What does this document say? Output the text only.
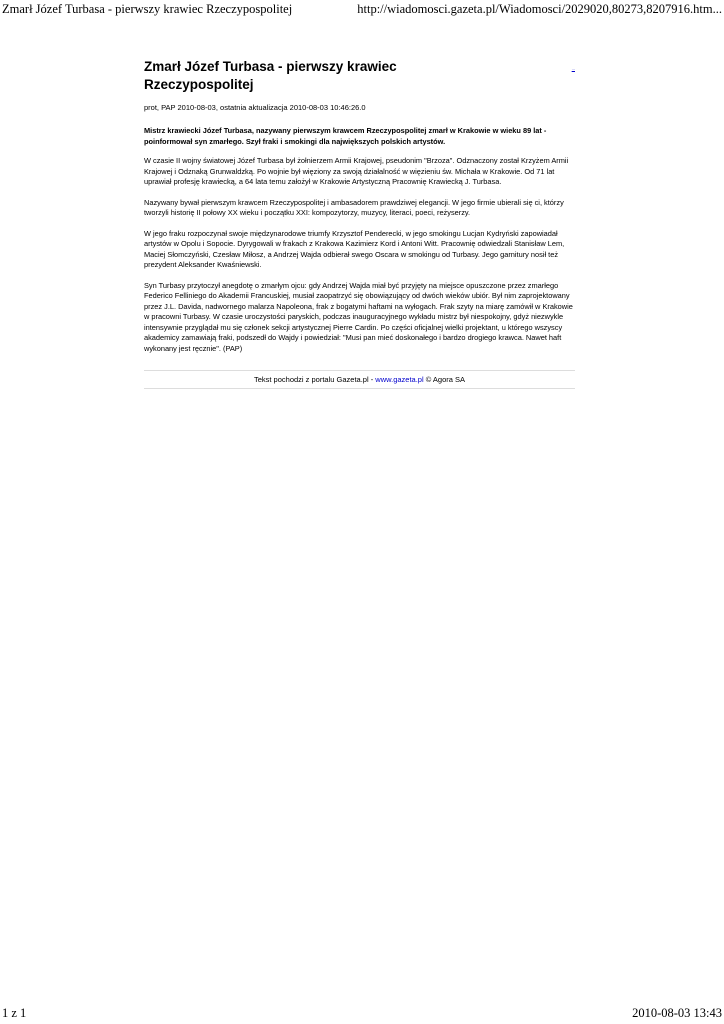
Zmarł Józef Turbasa - pierwszy krawiec Rzeczypospolitej	http://wiadomosci.gazeta.pl/Wiadomosci/2029020,80273,8207916.htm...
Zmarł Józef Turbasa - pierwszy krawiec Rzeczypospolitej
...
prot, PAP 2010-08-03, ostatnia aktualizacja 2010-08-03 10:46:26.0
Mistrz krawiecki Józef Turbasa, nazywany pierwszym krawcem Rzeczypospolitej zmarł w Krakowie w wieku 89 lat - poinformował syn zmarłego. Szył fraki i smokingi dla największych polskich artystów.
W czasie II wojny światowej Józef Turbasa był żołnierzem Armii Krajowej, pseudonim "Brzoza". Odznaczony został Krzyżem Armii Krajowej i Odznaką Grunwaldzką. Po wojnie był więziony za swoją działalność w więzieniu św. Michała w Krakowie. Od 71 lat uprawiał profesję krawiecką, a 64 lata temu założył w Krakowie Artystyczną Pracownię Krawiecką J. Turbasa.
Nazywany bywał pierwszym krawcem Rzeczypospolitej i ambasadorem prawdziwej elegancji. W jego firmie ubierali się ci, którzy tworzyli historię II połowy XX wieku i początku XXI: kompozytorzy, muzycy, literaci, poeci, reżyserzy.
W jego fraku rozpoczynał swoje międzynarodowe triumfy Krzysztof Penderecki, w jego smokingu Lucjan Kydryński zapowiadał artystów w Opolu i Sopocie. Dyrygowali w frakach z Krakowa Kazimierz Kord i Antoni Witt. Pracownię odwiedzali Stanisław Lem, Maciej Słomczyński, Czesław Miłosz, a Andrzej Wajda odbierał swego Oscara w smokingu od Turbasy. Jego garnitury nosił też prezydent Aleksander Kwaśniewski.
Syn Turbasy przytoczył anegdotę o zmarłym ojcu: gdy Andrzej Wajda miał być przyjęty na miejsce opuszczone przez zmarłego Federico Felliniego do Akademii Francuskiej, musiał zaopatrzyć się obowiązujący od dwóch wieków ubiór. Był nim zaprojektowany przez J.L. Davida, nadwornego malarza Napoleona, frak z bogatymi haftami na wyłogach. Frak szyty na miarę zamówił w Krakowie w pracowni Turbasy. W czasie uroczystości paryskich, podczas inauguracyjnego wykładu mistrz był niespokojny, gdyż niezwykle intensywnie przyglądał mu się członek sekcji artystycznej Pierre Cardin. Po części oficjalnej wielki projektant, u którego wszyscy akademicy zamawiają fraki, podszedł do Wajdy i powiedział: "Musi pan mieć doskonałego i bardzo drogiego krawca. Nawet haft wykonany jest ręcznie". (PAP)
Tekst pochodzi z portalu Gazeta.pl - www.gazeta.pl © Agora SA
1 z 1	2010-08-03 13:43
